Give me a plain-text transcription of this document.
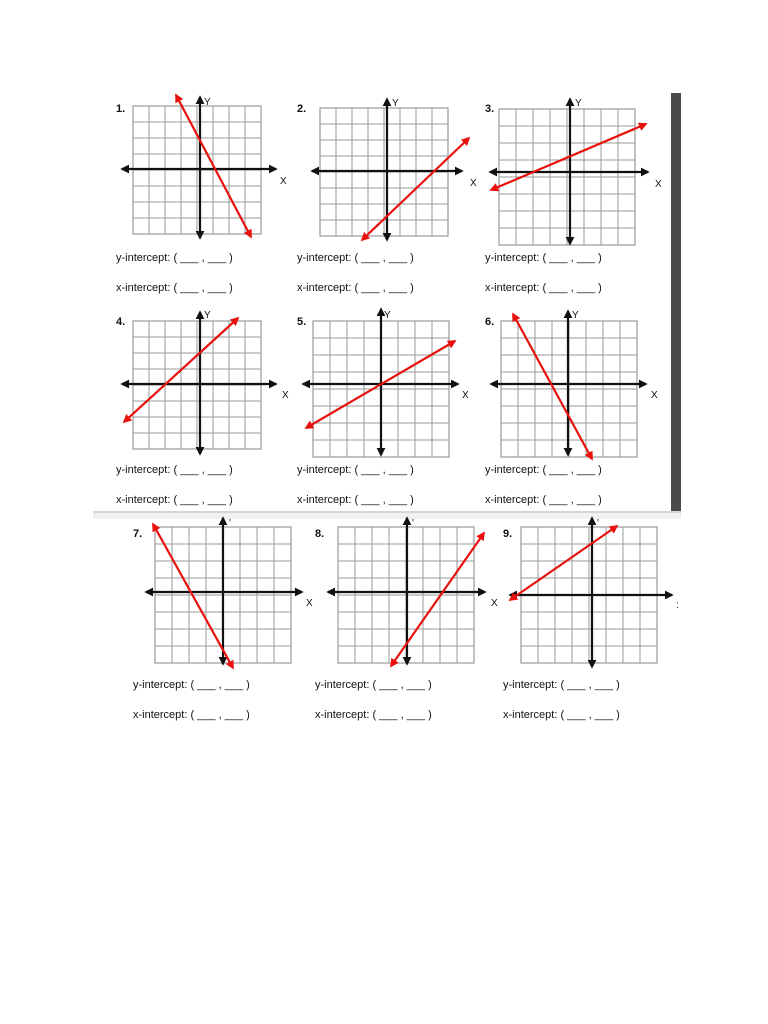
1.
Y
X
y-intercept: ( ___ , ___ )
x-intercept: ( ___ , ___ )
2.	Y
X
y-intercept: ( ___ , ___ )
x-intercept: ( ___ , ___ )
3.	Y
X
y-intercept: ( ___ , ___ )
x-intercept: ( ___ , ___ )
4.
Y
X
y-intercept: ( ___ , ___ )
x-intercept: ( ___ , ___ )
5.
Y
X
y-intercept: ( ___ , ___ )
x-intercept: ( ___ , ___ )
6.
Y
X
y-intercept: ( ___ , ___ )
x-intercept: ( ___ , ___ )
7.
'
X
y-intercept: ( ___ , ___ )
x-intercept: ( ___ , ___ )
8.
'
X
y-intercept: ( ___ , ___ )
x-intercept: ( ___ , ___ )
9.
'
:
y-intercept: ( ___ , ___ )
x-intercept: ( ___ , ___ )
